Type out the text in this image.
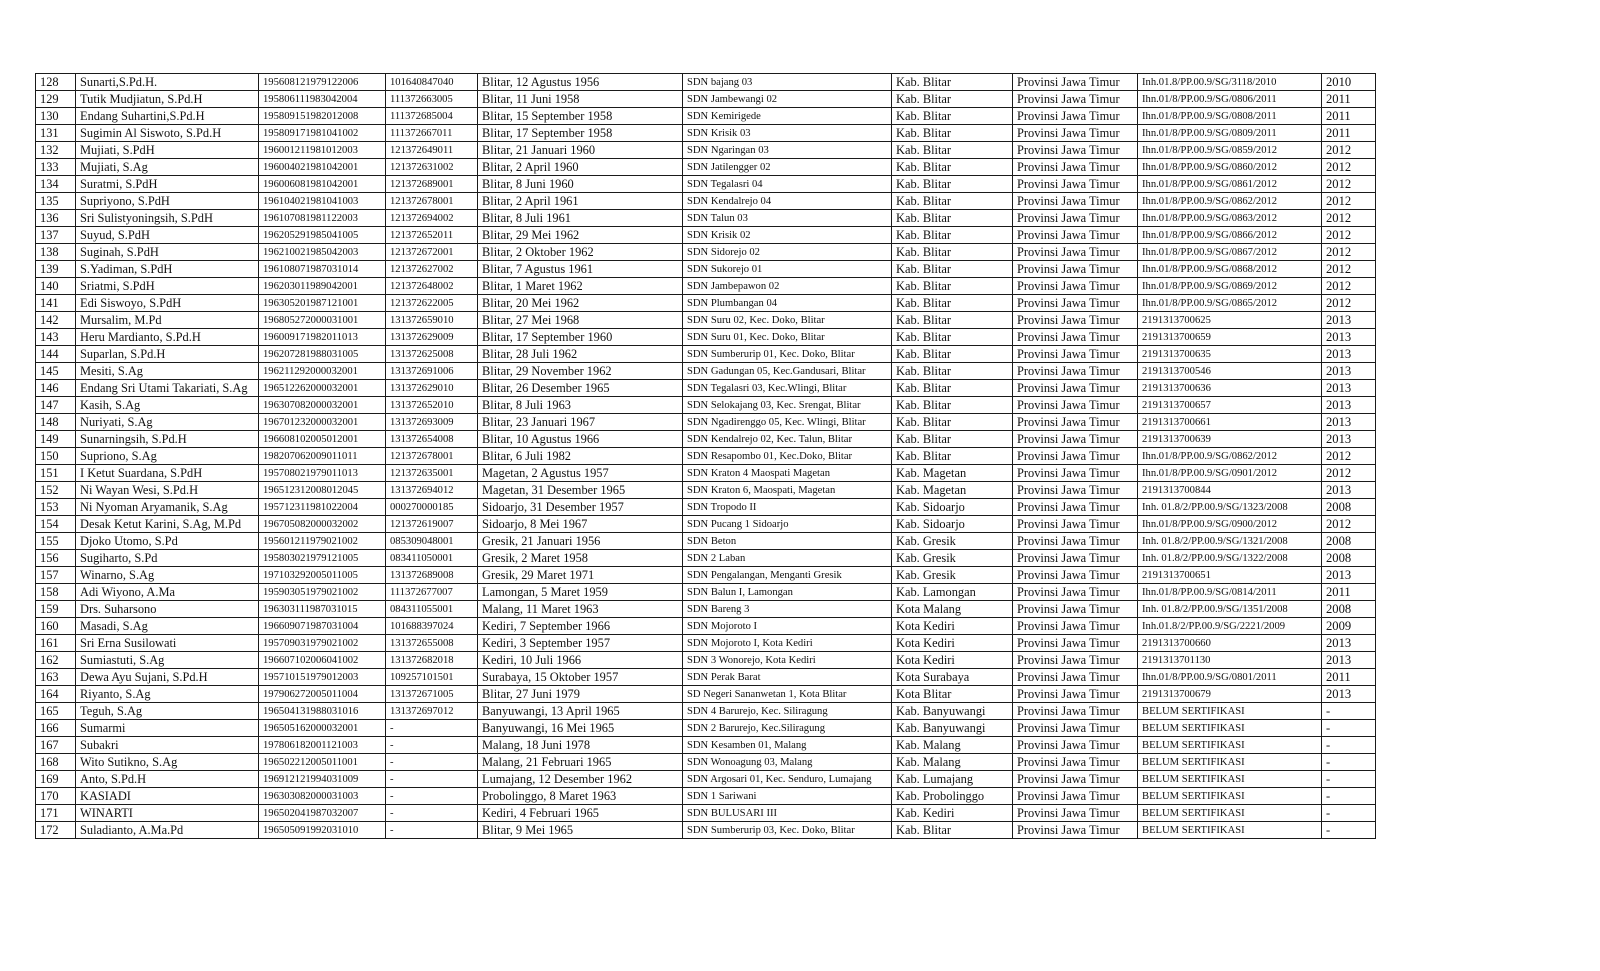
128	Sunarti,S.Pd.H.	195608121979122006	101640847040	Blitar, 12 Agustus 1956	SDN bajang 03	Kab. Blitar	Provinsi Jawa Timur	Inh.01.8/PP.00.9/SG/3118/2010	2010
129	Tutik Mudjiatun, S.Pd.H	195806111983042004	111372663005	Blitar, 11 Juni 1958	SDN Jambewangi 02	Kab. Blitar	Provinsi Jawa Timur	Ihn.01/8/PP.00.9/SG/0806/2011	2011
130	Endang Suhartini,S.Pd.H	195809151982012008	111372685004	Blitar, 15 September 1958	SDN Kemirigede	Kab. Blitar	Provinsi Jawa Timur	Ihn.01/8/PP.00.9/SG/0808/2011	2011
131	Sugimin Al Siswoto, S.Pd.H	195809171981041002	111372667011	Blitar, 17 September 1958	SDN Krisik 03	Kab. Blitar	Provinsi Jawa Timur	Ihn.01/8/PP.00.9/SG/0809/2011	2011
132	Mujiati, S.PdH	196001211981012003	121372649011	Blitar, 21 Januari 1960	SDN Ngaringan 03	Kab. Blitar	Provinsi Jawa Timur	Ihn.01/8/PP.00.9/SG/0859/2012	2012
133	Mujiati, S.Ag	196004021981042001	121372631002	Blitar, 2 April 1960	SDN Jatilengger 02	Kab. Blitar	Provinsi Jawa Timur	Ihn.01/8/PP.00.9/SG/0860/2012	2012
134	Suratmi, S.PdH	196006081981042001	121372689001	Blitar, 8 Juni 1960	SDN Tegalasri 04	Kab. Blitar	Provinsi Jawa Timur	Ihn.01/8/PP.00.9/SG/0861/2012	2012
135	Supriyono, S.PdH	196104021981041003	121372678001	Blitar, 2 April 1961	SDN Kendalrejo 04	Kab. Blitar	Provinsi Jawa Timur	Ihn.01/8/PP.00.9/SG/0862/2012	2012
136	Sri Sulistyoningsih, S.PdH	196107081981122003	121372694002	Blitar, 8 Juli 1961	SDN Talun 03	Kab. Blitar	Provinsi Jawa Timur	Ihn.01/8/PP.00.9/SG/0863/2012	2012
137	Suyud, S.PdH	196205291985041005	121372652011	Blitar, 29 Mei 1962	SDN Krisik 02	Kab. Blitar	Provinsi Jawa Timur	Ihn.01/8/PP.00.9/SG/0866/2012	2012
138	Suginah, S.PdH	196210021985042003	121372672001	Blitar, 2 Oktober 1962	SDN Sidorejo 02	Kab. Blitar	Provinsi Jawa Timur	Ihn.01/8/PP.00.9/SG/0867/2012	2012
139	S.Yadiman, S.PdH	196108071987031014	121372627002	Blitar, 7 Agustus 1961	SDN Sukorejo 01	Kab. Blitar	Provinsi Jawa Timur	Ihn.01/8/PP.00.9/SG/0868/2012	2012
140	Sriatmi, S.PdH	196203011989042001	121372648002	Blitar, 1 Maret 1962	SDN Jambepawon 02	Kab. Blitar	Provinsi Jawa Timur	Ihn.01/8/PP.00.9/SG/0869/2012	2012
141	Edi Siswoyo, S.PdH	196305201987121001	121372622005	Blitar, 20 Mei 1962	SDN Plumbangan 04	Kab. Blitar	Provinsi Jawa Timur	Ihn.01/8/PP.00.9/SG/0865/2012	2012
142	Mursalim, M.Pd	196805272000031001	131372659010	Blitar, 27 Mei 1968	SDN Suru 02, Kec. Doko, Blitar	Kab. Blitar	Provinsi Jawa Timur	2191313700625	2013
143	Heru Mardianto, S.Pd.H	196009171982011013	131372629009	Blitar, 17 September 1960	SDN Suru 01, Kec. Doko, Blitar	Kab. Blitar	Provinsi Jawa Timur	2191313700659	2013
144	Suparlan, S.Pd.H	196207281988031005	131372625008	Blitar, 28 Juli 1962	SDN Sumberurip 01, Kec. Doko, Blitar	Kab. Blitar	Provinsi Jawa Timur	2191313700635	2013
145	Mesiti, S.Ag	196211292000032001	131372691006	Blitar, 29 November 1962	SDN Gadungan 05, Kec.Gandusari, Blitar	Kab. Blitar	Provinsi Jawa Timur	2191313700546	2013
146	Endang Sri Utami Takariati, S.Ag	196512262000032001	131372629010	Blitar, 26 Desember 1965	SDN Tegalasri 03, Kec.Wlingi, Blitar	Kab. Blitar	Provinsi Jawa Timur	2191313700636	2013
147	Kasih, S.Ag	196307082000032001	131372652010	Blitar, 8 Juli 1963	SDN Selokajang 03, Kec. Srengat, Blitar	Kab. Blitar	Provinsi Jawa Timur	2191313700657	2013
148	Nuriyati, S.Ag	196701232000032001	131372693009	Blitar, 23 Januari 1967	SDN Ngadirenggo 05, Kec. Wlingi, Blitar	Kab. Blitar	Provinsi Jawa Timur	2191313700661	2013
149	Sunarningsih, S.Pd.H	196608102005012001	131372654008	Blitar, 10 Agustus 1966	SDN Kendalrejo 02, Kec. Talun, Blitar	Kab. Blitar	Provinsi Jawa Timur	2191313700639	2013
150	Supriono, S.Ag	198207062009011011	121372678001	Blitar, 6 Juli 1982	SDN Resapombo 01, Kec.Doko, Blitar	Kab. Blitar	Provinsi Jawa Timur	Ihn.01/8/PP.00.9/SG/0862/2012	2012
151	I Ketut Suardana, S.PdH	195708021979011013	121372635001	Magetan, 2 Agustus 1957	SDN Kraton 4 Maospati Magetan	Kab. Magetan	Provinsi Jawa Timur	Ihn.01/8/PP.00.9/SG/0901/2012	2012
152	Ni Wayan Wesi, S.Pd.H	196512312008012045	131372694012	Magetan, 31 Desember 1965	SDN Kraton 6, Maospati, Magetan	Kab. Magetan	Provinsi Jawa Timur	2191313700844	2013
153	Ni Nyoman Aryamanik, S.Ag	195712311981022004	000270000185	Sidoarjo, 31 Desember 1957	SDN Tropodo II	Kab. Sidoarjo	Provinsi Jawa Timur	Inh. 01.8/2/PP.00.9/SG/1323/2008	2008
154	Desak Ketut Karini, S.Ag, M.Pd	196705082000032002	121372619007	Sidoarjo, 8 Mei 1967	SDN Pucang 1 Sidoarjo	Kab. Sidoarjo	Provinsi Jawa Timur	Ihn.01/8/PP.00.9/SG/0900/2012	2012
155	Djoko Utomo, S.Pd	195601211979021002	085309048001	Gresik, 21 Januari 1956	SDN Beton	Kab. Gresik	Provinsi Jawa Timur	Inh. 01.8/2/PP.00.9/SG/1321/2008	2008
156	Sugiharto, S.Pd	195803021979121005	083411050001	Gresik, 2 Maret 1958	SDN 2 Laban	Kab. Gresik	Provinsi Jawa Timur	Inh. 01.8/2/PP.00.9/SG/1322/2008	2008
157	Winarno, S.Ag	197103292005011005	131372689008	Gresik, 29 Maret 1971	SDN Pengalangan, Menganti Gresik	Kab. Gresik	Provinsi Jawa Timur	2191313700651	2013
158	Adi Wiyono, A.Ma	195903051979021002	111372677007	Lamongan, 5 Maret 1959	SDN Balun I, Lamongan	Kab. Lamongan	Provinsi Jawa Timur	Ihn.01/8/PP.00.9/SG/0814/2011	2011
159	Drs. Suharsono	196303111987031015	084311055001	Malang, 11 Maret 1963	SDN Bareng 3	Kota Malang	Provinsi Jawa Timur	Inh. 01.8/2/PP.00.9/SG/1351/2008	2008
160	Masadi, S.Ag	196609071987031004	101688397024	Kediri, 7 September 1966	SDN Mojoroto I	Kota Kediri	Provinsi Jawa Timur	Inh.01.8/2/PP.00.9/SG/2221/2009	2009
161	Sri Erna Susilowati	195709031979021002	131372655008	Kediri, 3 September 1957	SDN Mojoroto I, Kota Kediri	Kota Kediri	Provinsi Jawa Timur	2191313700660	2013
162	Sumiastuti, S.Ag	196607102006041002	131372682018	Kediri, 10 Juli 1966	SDN 3 Wonorejo, Kota Kediri	Kota Kediri	Provinsi Jawa Timur	2191313701130	2013
163	Dewa Ayu Sujani, S.Pd.H	195710151979012003	109257101501	Surabaya, 15 Oktober 1957	SDN Perak Barat	Kota Surabaya	Provinsi Jawa Timur	Ihn.01/8/PP.00.9/SG/0801/2011	2011
164	Riyanto, S.Ag	197906272005011004	131372671005	Blitar, 27 Juni 1979	SD Negeri Sananwetan 1, Kota Blitar	Kota Blitar	Provinsi Jawa Timur	2191313700679	2013
165	Teguh, S.Ag	196504131988031016	131372697012	Banyuwangi, 13 April 1965	SDN 4 Barurejo, Kec. Siliragung	Kab. Banyuwangi	Provinsi Jawa Timur	BELUM SERTIFIKASI	-
166	Sumarmi	196505162000032001	-	Banyuwangi, 16 Mei 1965	SDN 2 Barurejo, Kec.Siliragung	Kab. Banyuwangi	Provinsi Jawa Timur	BELUM SERTIFIKASI	-
167	Subakri	197806182001121003	-	Malang, 18 Juni 1978	SDN Kesamben 01, Malang	Kab. Malang	Provinsi Jawa Timur	BELUM SERTIFIKASI	-
168	Wito Sutikno, S.Ag	196502212005011001	-	Malang, 21 Februari 1965	SDN Wonoagung 03, Malang	Kab. Malang	Provinsi Jawa Timur	BELUM SERTIFIKASI	-
169	Anto, S.Pd.H	196912121994031009	-	Lumajang, 12 Desember 1962	SDN Argosari 01, Kec. Senduro, Lumajang	Kab. Lumajang	Provinsi Jawa Timur	BELUM SERTIFIKASI	-
170	KASIADI	196303082000031003	-	Probolinggo, 8 Maret 1963	SDN 1 Sariwani	Kab. Probolinggo	Provinsi Jawa Timur	BELUM SERTIFIKASI	-
171	WINARTI	196502041987032007	-	Kediri, 4 Februari 1965	SDN BULUSARI III	Kab. Kediri	Provinsi Jawa Timur	BELUM SERTIFIKASI	-
172	Suladianto, A.Ma.Pd	196505091992031010	-	Blitar, 9 Mei 1965	SDN Sumberurip 03, Kec. Doko, Blitar	Kab. Blitar	Provinsi Jawa Timur	BELUM SERTIFIKASI	-
